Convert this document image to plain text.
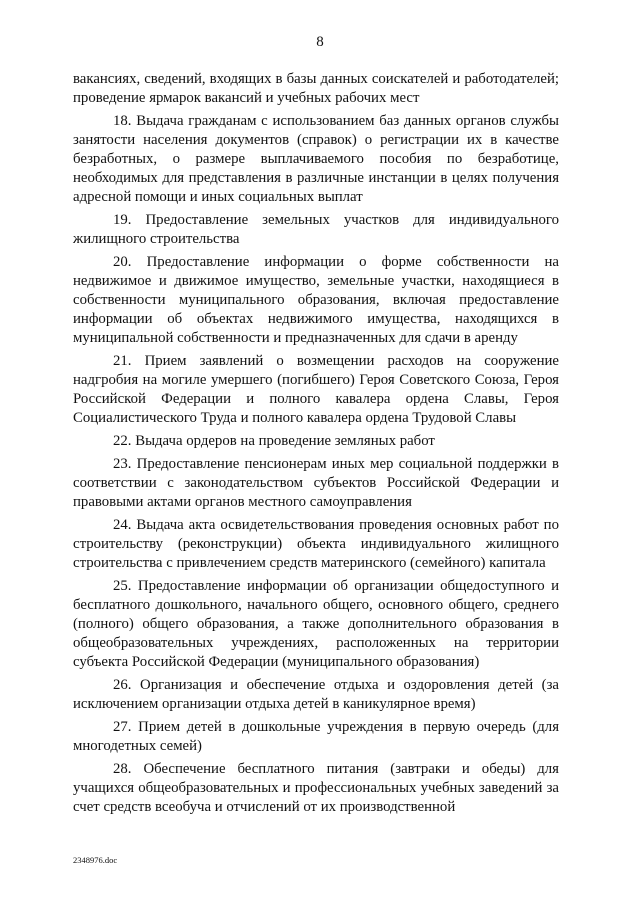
8

вакансиях, сведений, входящих в базы данных соискателей и работодателей; проведение ярмарок вакансий и учебных рабочих мест

18. Выдача гражданам с использованием баз данных органов службы занятости населения документов (справок) о регистрации их в качестве безработных, о размере выплачиваемого пособия по безработице, необходимых для представления в различные инстанции в целях получения адресной помощи и иных социальных выплат

19. Предоставление земельных участков для индивидуального жилищного строительства

20. Предоставление информации о форме собственности на недвижимое и движимое имущество, земельные участки, находящиеся в собственности муниципального образования, включая предоставление информации об объектах недвижимого имущества, находящихся в муниципальной собственности и предназначенных для сдачи в аренду

21. Прием заявлений о возмещении расходов на сооружение надгробия на могиле умершего (погибшего) Героя Советского Союза, Героя Российской Федерации и полного кавалера ордена Славы, Героя Социалистического Труда и полного кавалера ордена Трудовой Славы

22. Выдача ордеров на проведение земляных работ

23. Предоставление пенсионерам иных мер социальной поддержки в соответствии с законодательством субъектов Российской Федерации и правовыми актами органов местного самоуправления

24. Выдача акта освидетельствования проведения основных работ по строительству (реконструкции) объекта индивидуального жилищного строительства с привлечением средств материнского (семейного) капитала

25. Предоставление информации об организации общедоступного и бесплатного дошкольного, начального общего, основного общего, среднего (полного) общего образования, а также дополнительного образования в общеобразовательных учреждениях, расположенных на территории субъекта Российской Федерации (муниципального образования)

26. Организация и обеспечение отдыха и оздоровления детей (за исключением организации отдыха детей в каникулярное время)

27. Прием детей в дошкольные учреждения в первую очередь (для многодетных семей)

28. Обеспечение бесплатного питания (завтраки и обеды) для учащихся общеобразовательных и профессиональных учебных заведений за счет средств всеобуча и отчислений от их производственной

2348976.doc
